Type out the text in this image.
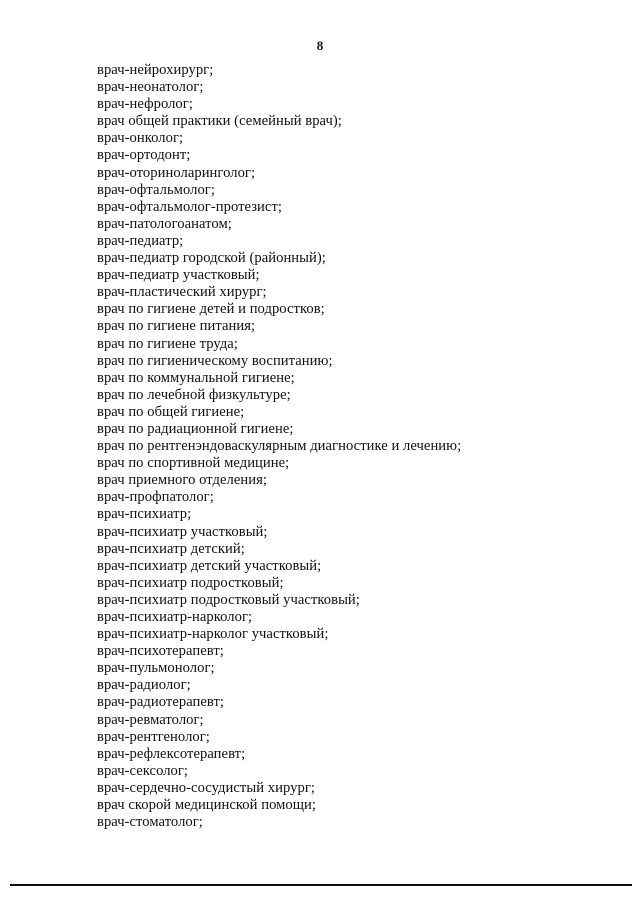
8
врач-нейрохирург;
врач-неонатолог;
врач-нефролог;
врач общей практики (семейный врач);
врач-онколог;
врач-ортодонт;
врач-оториноларинголог;
врач-офтальмолог;
врач-офтальмолог-протезист;
врач-патологоанатом;
врач-педиатр;
врач-педиатр городской (районный);
врач-педиатр участковый;
врач-пластический хирург;
врач по гигиене детей и подростков;
врач по гигиене питания;
врач по гигиене труда;
врач по гигиеническому воспитанию;
врач по коммунальной гигиене;
врач по лечебной физкультуре;
врач по общей гигиене;
врач по радиационной гигиене;
врач по рентгенэндоваскулярным диагностике и лечению;
врач по спортивной медицине;
врач приемного отделения;
врач-профпатолог;
врач-психиатр;
врач-психиатр участковый;
врач-психиатр детский;
врач-психиатр детский участковый;
врач-психиатр подростковый;
врач-психиатр подростковый участковый;
врач-психиатр-нарколог;
врач-психиатр-нарколог участковый;
врач-психотерапевт;
врач-пульмонолог;
врач-радиолог;
врач-радиотерапевт;
врач-ревматолог;
врач-рентгенолог;
врач-рефлексотерапевт;
врач-сексолог;
врач-сердечно-сосудистый хирург;
врач скорой медицинской помощи;
врач-стоматолог;
